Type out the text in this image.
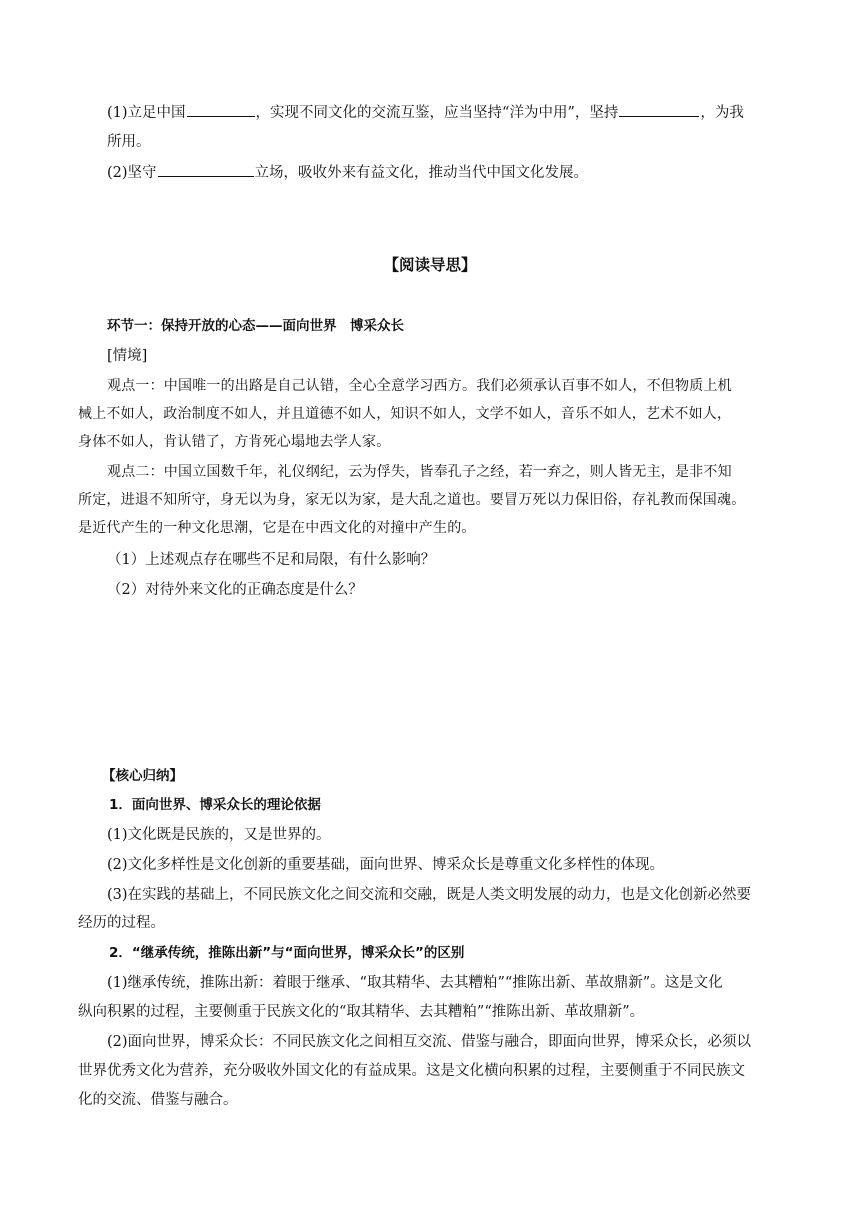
(1)立足中国	，实现不同文化的交流互鉴，应当坚持“洋为中用”，坚持	，为我
所用。
(2)坚守	立场，吸收外来有益文化，推动当代中国文化发展。
【阅读导思】
环节一：保持开放的心态——面向世界　博采众长
[情境]
观点一：中国唯一的出路是自己认错，全心全意学习西方。我们必须承认百事不如人，不但物质上机
械上不如人，政治制度不如人，并且道德不如人，知识不如人，文学不如人，音乐不如人，艺术不如人，
身体不如人，肯认错了，方肯死心塌地去学人家。
观点二：中国立国数千年，礼仪纲纪，云为俘失，皆奉孔子之经，若一弃之，则人皆无主，是非不知
所定，进退不知所守，身无以为身，家无以为家，是大乱之道也。要冒万死以力保旧俗，存礼教而保国魂。
是近代产生的一种文化思潮，它是在中西文化的对撞中产生的。
（1）上述观点存在哪些不足和局限，有什么影响？
（2）对待外来文化的正确态度是什么？
【核心归纳】
1．面向世界、博采众长的理论依据
(1)文化既是民族的，又是世界的。
(2)文化多样性是文化创新的重要基础，面向世界、博采众长是尊重文化多样性的体现。
(3)在实践的基础上，不同民族文化之间交流和交融，既是人类文明发展的动力，也是文化创新必然要
经历的过程。
2．“继承传统，推陈出新”与“面向世界，博采众长”的区别
(1)继承传统，推陈出新：着眼于继承、“取其精华、去其糟粕”“推陈出新、革故鼎新”。这是文化
纵向积累的过程，主要侧重于民族文化的“取其精华、去其糟粕”“推陈出新、革故鼎新”。
(2)面向世界，博采众长：不同民族文化之间相互交流、借鉴与融合，即面向世界，博采众长，必须以
世界优秀文化为营养，充分吸收外国文化的有益成果。这是文化横向积累的过程，主要侧重于不同民族文
化的交流、借鉴与融合。
